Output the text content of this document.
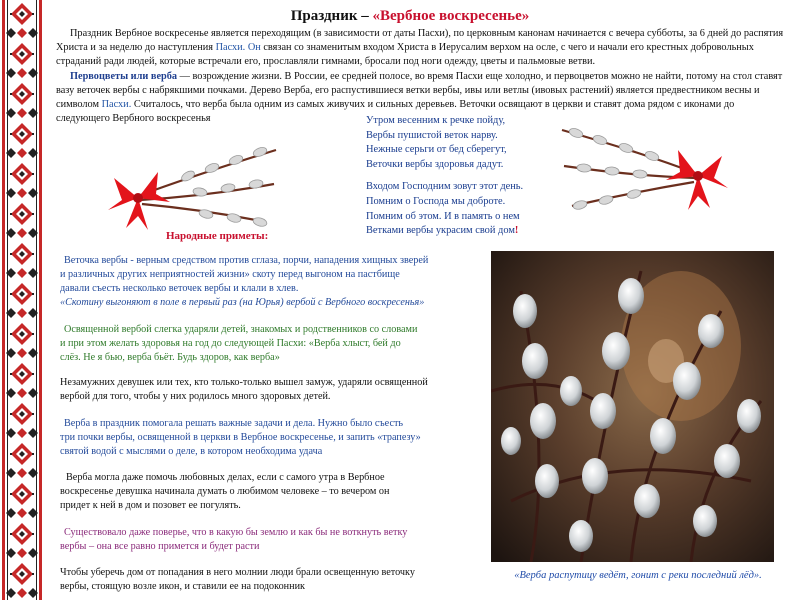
Праздник – «Вербное воскресенье»

Праздник Вербное воскресенье является переходящим (в зависимости от даты Пасхи), по церковным канонам начинается с вечера субботы, за 6 дней до распятия Христа и за неделю до наступления Пасхи. Он связан со знаменитым входом Христа в Иерусалим верхом на осле, с чего и начали его крестных добровольных страданий ради людей, которые встречали его, прославляли гимнами, бросали под ноги одежду, цветы и пальмовые ветви.

Первоцветы или верба — возрождение жизни. В России, ее средней полосе, во время Пасхи еще холодно, и первоцветов можно не найти, потому на стол ставят вазу веточек вербы с набрякшими почками. Дерево Верба, его распустившиеся ветки вербы, ивы или ветлы (ивовых растений) является предвестником весны и символом Пасхи. Считалось, что верба была одним из самых живучих и сильных деревьев. Веточки освящают в церкви и ставят дома рядом с иконами до следующего Вербного воскресенья	Утром весенним к речке пойду,
Вербы пушистой веток нарву.
Нежные серьги от бед сберегут,
Веточки вербы здоровья дадут.
Входом Господним зовут этот день.
Помним о Господа мы доброте.
Помним об этом. И в память о нем
Ветками вербы украсим свой дом!
Народные приметы:
Веточка вербы - верным средством против сглаза, порчи, нападения хищных зверей
и различных других неприятностей жизни» скоту перед выгоном на пастбище
давали съесть несколько веточек вербы и клали в хлев.
«Скотину выгоняют в поле в первый раз (на Юрья) вербой с Вербного воскресенья»
Освященной вербой слегка ударяли детей, знакомых и родственников со словами
и при этом желать здоровья на год до следующей Пасхи: «Верба хлыст, бей до
слёз. Не я бью, верба бьёт. Будь здоров, как верба»
Незамужних девушек или тех, кто только-только вышел замуж, ударяли освященной
вербой для того, чтобы у них родилось много здоровых детей.
Верба в праздник помогала решать важные задачи и дела. Нужно было съесть
три почки вербы, освященной в церкви в Вербное воскресенье, и запить «трапезу»
святой водой с мыслями о деле, в котором необходима удача
Верба могла даже помочь любовных делах, если с самого утра в Вербное
воскресенье девушка начинала думать о любимом человеке – то вечером он
придет к ней в дом и позовет ее погулять.
Существовало даже поверье, что в какую бы землю и как бы не воткнуть ветку
вербы – она все равно примется и будет расти
Чтобы уберечь дом от попадания в него молнии люди брали освещенную веточку
вербы, стоящую возле икон, и ставили ее на подоконник
«Верба распутицу ведёт, гонит с реки последний лёд».
